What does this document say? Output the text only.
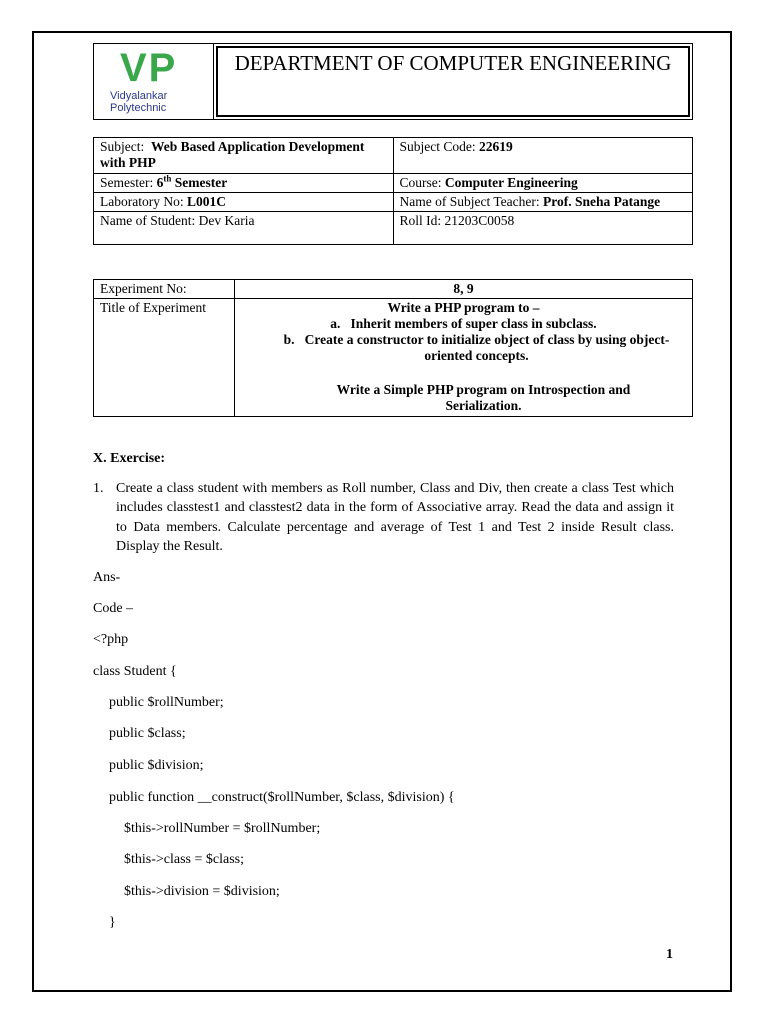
VP
Vidyalankar
Polytechnic
DEPARTMENT OF COMPUTER ENGINEERING
Subject: Web Based Application Development with PHP	Subject Code: 22619
Semester: 6th Semester	Course: Computer Engineering
Laboratory No: L001C	Name of Subject Teacher: Prof. Sneha Patange
Name of Student: Dev Karia	Roll Id: 21203C0058
Experiment No:	8, 9
Title of Experiment	Write a PHP program to –
a. Inherit members of super class in subclass.
b. Create a constructor to initialize object of class by using object-oriented concepts.
Write a Simple PHP program on Introspection and Serialization.
X. Exercise:
1. Create a class student with members as Roll number, Class and Div, then create a class Test which includes classtest1 and classtest2 data in the form of Associative array. Read the data and assign it to Data members. Calculate percentage and average of Test 1 and Test 2 inside Result class. Display the Result.
Ans-
Code –
<?php
class Student {
public $rollNumber;
public $class;
public $division;
public function __construct($rollNumber, $class, $division) {
$this->rollNumber = $rollNumber;
$this->class = $class;
$this->division = $division;
}
1
